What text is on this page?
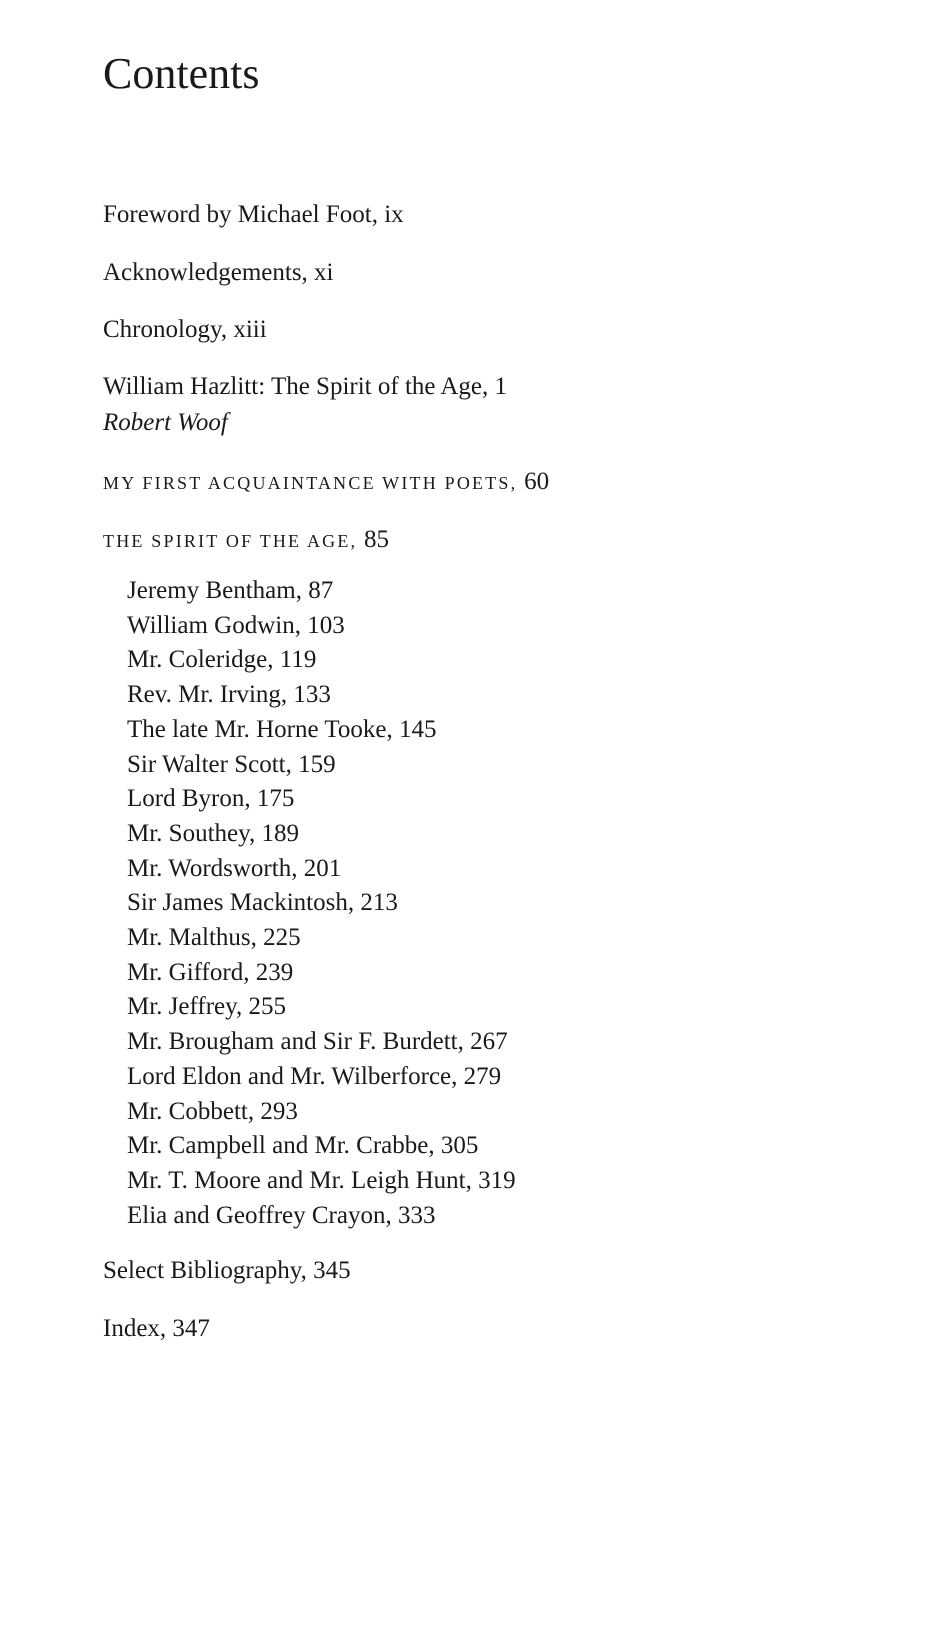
Contents
Foreword by Michael Foot, ix
Acknowledgements, xi
Chronology, xiii
William Hazlitt: The Spirit of the Age, 1
Robert Woof
MY FIRST ACQUAINTANCE WITH POETS, 60
THE SPIRIT OF THE AGE, 85
Jeremy Bentham, 87
William Godwin, 103
Mr. Coleridge, 119
Rev. Mr. Irving, 133
The late Mr. Horne Tooke, 145
Sir Walter Scott, 159
Lord Byron, 175
Mr. Southey, 189
Mr. Wordsworth, 201
Sir James Mackintosh, 213
Mr. Malthus, 225
Mr. Gifford, 239
Mr. Jeffrey, 255
Mr. Brougham and Sir F. Burdett, 267
Lord Eldon and Mr. Wilberforce, 279
Mr. Cobbett, 293
Mr. Campbell and Mr. Crabbe, 305
Mr. T. Moore and Mr. Leigh Hunt, 319
Elia and Geoffrey Crayon, 333
Select Bibliography, 345
Index, 347
